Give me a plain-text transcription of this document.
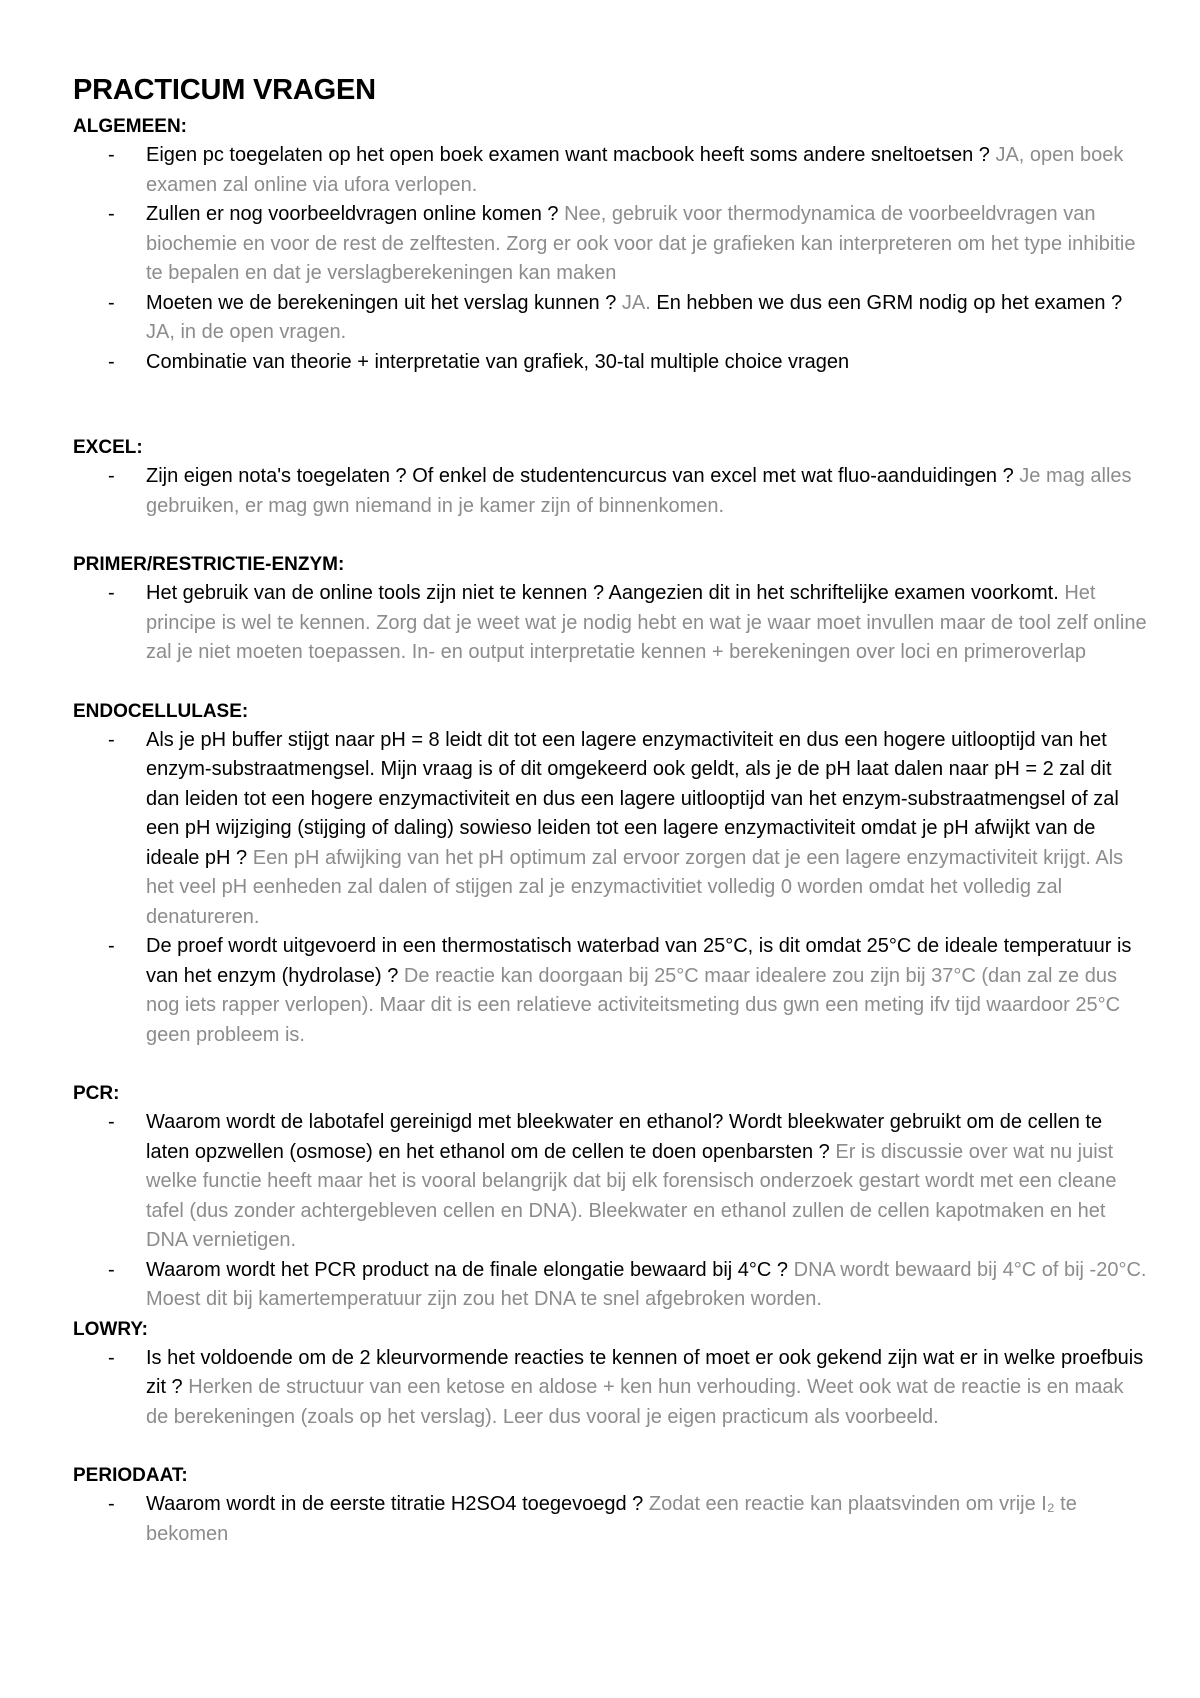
PRACTICUM VRAGEN
ALGEMEEN:
- Eigen pc toegelaten op het open boek examen want macbook heeft soms andere sneltoetsen ? JA, open boek examen zal online via ufora verlopen.
- Zullen er nog voorbeeldvragen online komen ? Nee, gebruik voor thermodynamica de voorbeeldvragen van biochemie en voor de rest de zelftesten. Zorg er ook voor dat je grafieken kan interpreteren om het type inhibitie te bepalen en dat je verslagberekeningen kan maken
- Moeten we de berekeningen uit het verslag kunnen ? JA. En hebben we dus een GRM nodig op het examen ? JA, in de open vragen.
- Combinatie van theorie + interpretatie van grafiek, 30-tal multiple choice vragen
EXCEL:
- Zijn eigen nota's toegelaten ? Of enkel de studentencurcus van excel met wat fluo-aanduidingen ? Je mag alles gebruiken, er mag gwn niemand in je kamer zijn of binnenkomen.
PRIMER/RESTRICTIE-ENZYM:
- Het gebruik van de online tools zijn niet te kennen ? Aangezien dit in het schriftelijke examen voorkomt. Het principe is wel te kennen. Zorg dat je weet wat je nodig hebt en wat je waar moet invullen maar de tool zelf online zal je niet moeten toepassen. In- en output interpretatie kennen + berekeningen over loci en primeroverlap
ENDOCELLULASE:
- Als je pH buffer stijgt naar pH = 8 leidt dit tot een lagere enzymactiviteit en dus een hogere uitlooptijd van het enzym-substraatmengsel. Mijn vraag is of dit omgekeerd ook geldt, als je de pH laat dalen naar pH = 2 zal dit dan leiden tot een hogere enzymactiviteit en dus een lagere uitlooptijd van het enzym-substraatmengsel of zal een pH wijziging (stijging of daling) sowieso leiden tot een lagere enzymactiviteit omdat je pH afwijkt van de ideale pH ? Een pH afwijking van het pH optimum zal ervoor zorgen dat je een lagere enzymactiviteit krijgt. Als het veel pH eenheden zal dalen of stijgen zal je enzymactivitiet volledig 0 worden omdat het volledig zal denatureren.
- De proef wordt uitgevoerd in een thermostatisch waterbad van 25°C, is dit omdat 25°C de ideale temperatuur is van het enzym (hydrolase) ? De reactie kan doorgaan bij 25°C maar idealere zou zijn bij 37°C (dan zal ze dus nog iets rapper verlopen). Maar dit is een relatieve activiteitsmeting dus gwn een meting ifv tijd waardoor 25°C geen probleem is.
PCR:
- Waarom wordt de labotafel gereinigd met bleekwater en ethanol? Wordt bleekwater gebruikt om de cellen te laten opzwellen (osmose) en het ethanol om de cellen te doen openbarsten ? Er is discussie over wat nu juist welke functie heeft maar het is vooral belangrijk dat bij elk forensisch onderzoek gestart wordt met een cleane tafel (dus zonder achtergebleven cellen en DNA). Bleekwater en ethanol zullen de cellen kapotmaken en het DNA vernietigen.
- Waarom wordt het PCR product na de finale elongatie bewaard bij 4°C ? DNA wordt bewaard bij 4°C of bij -20°C. Moest dit bij kamertemperatuur zijn zou het DNA te snel afgebroken worden.
LOWRY:
- Is het voldoende om de 2 kleurvormende reacties te kennen of moet er ook gekend zijn wat er in welke proefbuis zit ? Herken de structuur van een ketose en aldose + ken hun verhouding. Weet ook wat de reactie is en maak de berekeningen (zoals op het verslag). Leer dus vooral je eigen practicum als voorbeeld.
PERIODAAT:
- Waarom wordt in de eerste titratie H2SO4 toegevoegd ? Zodat een reactie kan plaatsvinden om vrije I₂ te bekomen
